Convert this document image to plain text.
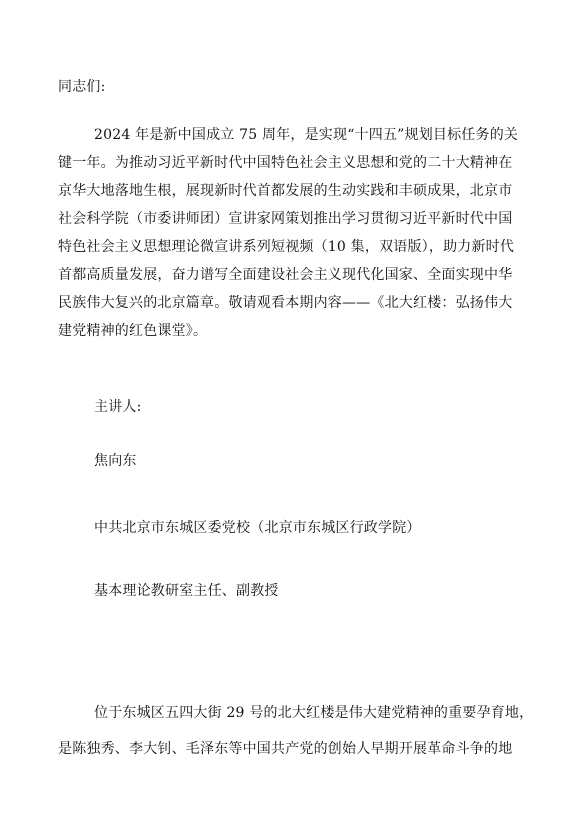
同志们:
2024 年是新中国成立 75 周年，是实现“十四五”规划目标任务的关
键一年。为推动习近平新时代中国特色社会主义思想和党的二十大精神在
京华大地落地生根，展现新时代首都发展的生动实践和丰硕成果，北京市
社会科学院（市委讲师团）宣讲家网策划推出学习贯彻习近平新时代中国
特色社会主义思想理论微宣讲系列短视频（10 集，双语版），助力新时代
首都高质量发展，奋力谱写全面建设社会主义现代化国家、全面实现中华
民族伟大复兴的北京篇章。敬请观看本期内容——《北大红楼：弘扬伟大
建党精神的红色课堂》。
主讲人:
焦向东
中共北京市东城区委党校（北京市东城区行政学院）
基本理论教研室主任、副教授
位于东城区五四大街 29 号的北大红楼是伟大建党精神的重要孕育地，
是陈独秀、李大钊、毛泽东等中国共产党的创始人早期开展革命斗争的地
